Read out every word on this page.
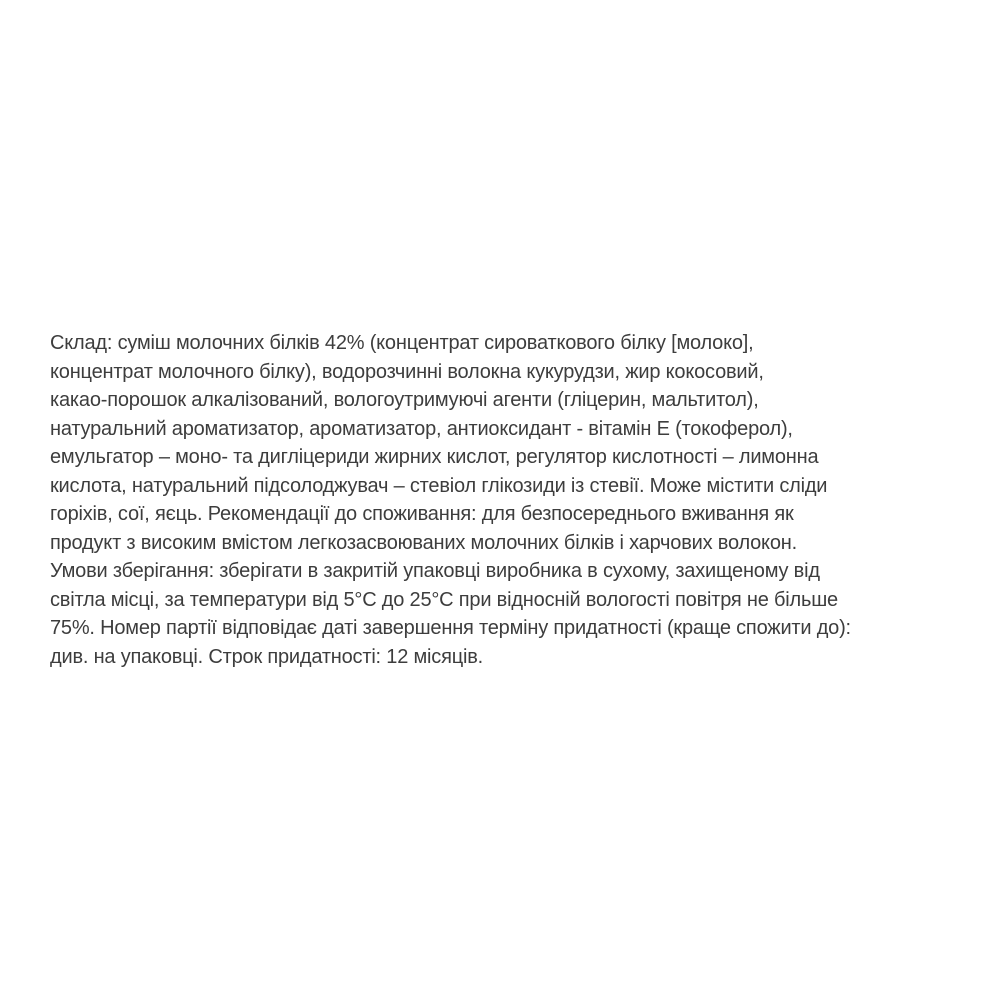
Склад: суміш молочних білків 42% (концентрат сироваткового білку [молоко],
концентрат молочного білку), водорозчинні волокна кукурудзи, жир кокосовий,
какао-порошок алкалізований, вологоутримуючі агенти (гліцерин, мальтитол),
натуральний ароматизатор, ароматизатор, антиоксидант - вітамін Е (токоферол),
емульгатор – моно- та дигліцериди жирних кислот, регулятор кислотності – лимонна
кислота, натуральний підсолоджувач – стевіол глікозиди із стевії. Може містити сліди
горіхів, сої, яєць. Рекомендації до споживання: для безпосереднього вживання як
продукт з високим вмістом легкозасвоюваних молочних білків і харчових волокон.
Умови зберігання: зберігати в закритій упаковці виробника в сухому, захищеному від
світла місці, за температури від 5°C до 25°C при відносній вологості повітря не більше
75%. Номер партії відповідає даті завершення терміну придатності (краще спожити до):
див. на упаковці. Строк придатності: 12 місяців.
